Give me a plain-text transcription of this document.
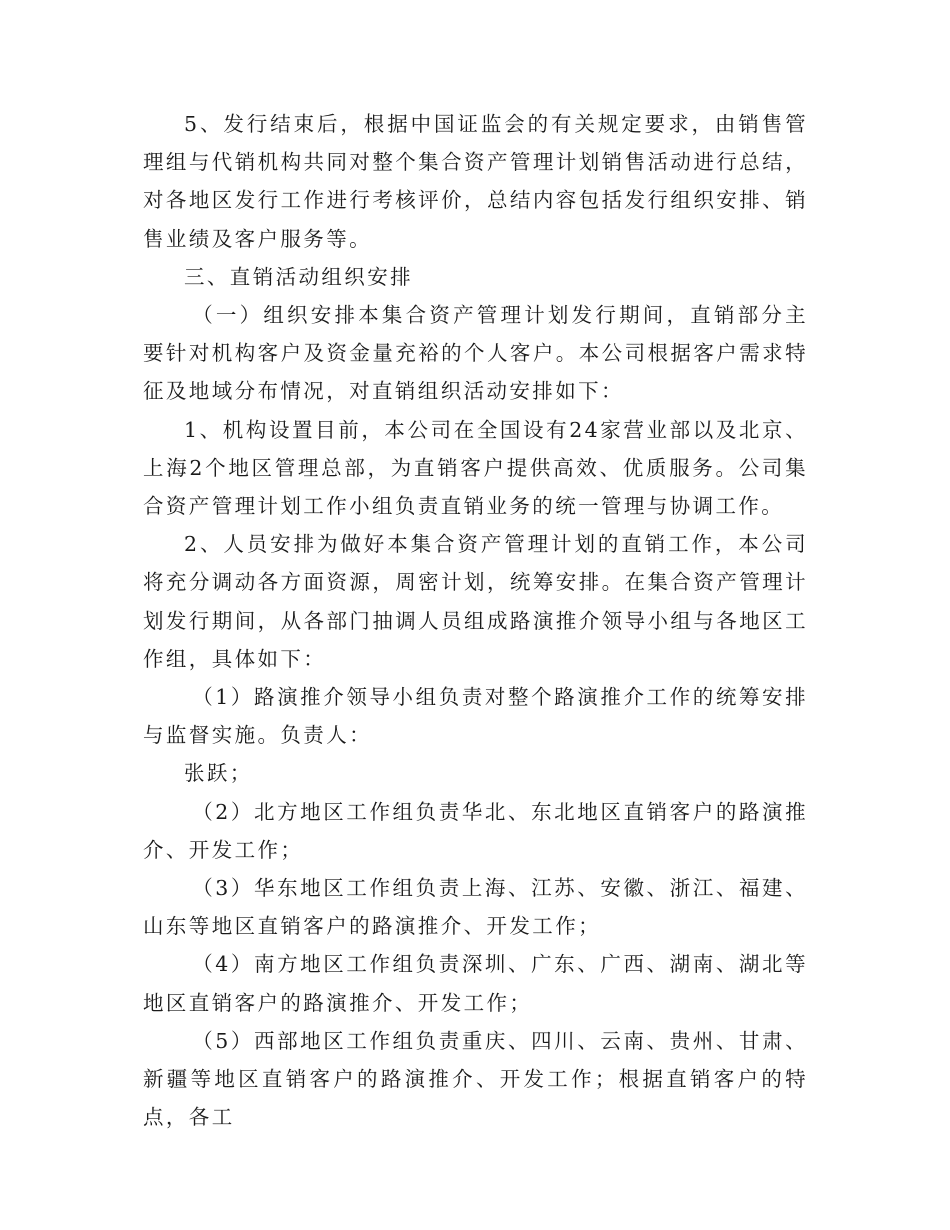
5、发行结束后，根据中国证监会的有关规定要求，由销售管理组与代销机构共同对整个集合资产管理计划销售活动进行总结，对各地区发行工作进行考核评价，总结内容包括发行组织安排、销售业绩及客户服务等。

三、直销活动组织安排

（一）组织安排本集合资产管理计划发行期间，直销部分主要针对机构客户及资金量充裕的个人客户。本公司根据客户需求特征及地域分布情况，对直销组织活动安排如下：

1、机构设置目前，本公司在全国设有24家营业部以及北京、上海2个地区管理总部，为直销客户提供高效、优质服务。公司集合资产管理计划工作小组负责直销业务的统一管理与协调工作。

2、人员安排为做好本集合资产管理计划的直销工作，本公司将充分调动各方面资源，周密计划，统筹安排。在集合资产管理计划发行期间，从各部门抽调人员组成路演推介领导小组与各地区工作组，具体如下：

（1）路演推介领导小组负责对整个路演推介工作的统筹安排与监督实施。负责人：

张跃；

（2）北方地区工作组负责华北、东北地区直销客户的路演推介、开发工作；

（3）华东地区工作组负责上海、江苏、安徽、浙江、福建、山东等地区直销客户的路演推介、开发工作；

（4）南方地区工作组负责深圳、广东、广西、湖南、湖北等地区直销客户的路演推介、开发工作；

（5）西部地区工作组负责重庆、四川、云南、贵州、甘肃、新疆等地区直销客户的路演推介、开发工作；根据直销客户的特点，各工
